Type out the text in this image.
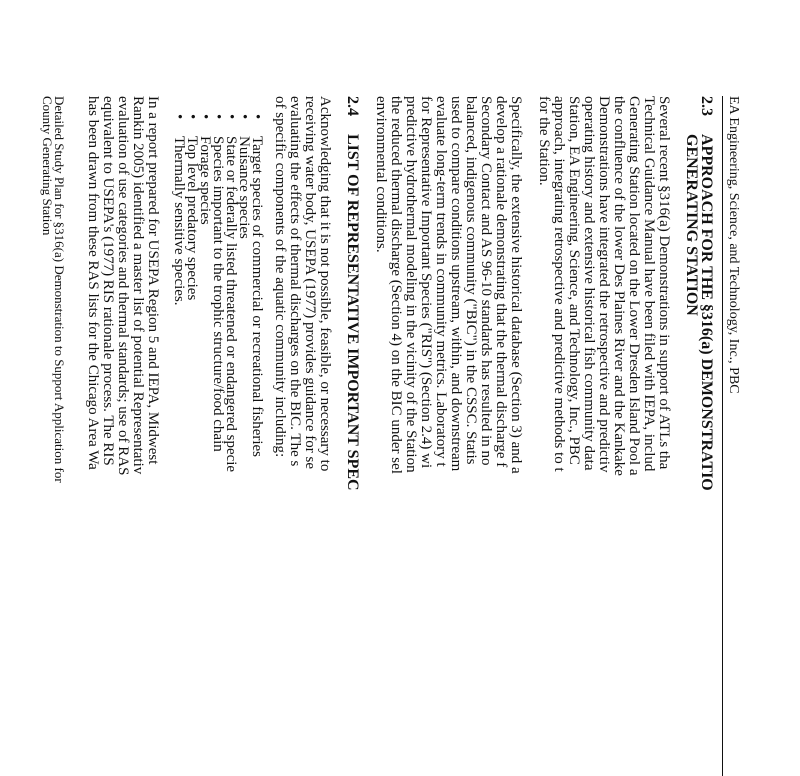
EA Engineering, Science, and Technology, Inc., PBC
2.3APPROACH FOR THE §316(a) DEMONSTRATIO
GENERATING STATION
Several recent §316(a) Demonstrations in support of ATLs tha
Technical Guidance Manual have been filed with IEPA, includ
Generating Station located on the Lower Dresden Island Pool a
the confluence of the lower Des Plaines River and the Kankake
Demonstrations have integrated the retrospective and predictiv
operating history and extensive historical fish community data
Station, EA Engineering, Science, and Technology, Inc., PBC
approach, integrating retrospective and predictive methods to t
for the Station.
Specifically, the extensive historical database (Section 3) and a
develop a rationale demonstrating that the thermal discharge f
Secondary Contact and AS 96-10 standards has resulted in no
balanced, indigenous community ("BIC") in the CSSC. Statis
used to compare conditions upstream, within, and downstream
evaluate long-term trends in community metrics. Laboratory t
for Representative Important Species ("RIS") (Section 2.4) wi
predictive hydrothermal modeling in the vicinity of the Station
the reduced thermal discharge (Section 4) on the BIC under sel
environmental conditions.
2.4LIST OF REPRESENTATIVE IMPORTANT SPEC
Acknowledging that it is not possible, feasible, or necessary to
receiving water body, USEPA (1977) provides guidance for se
evaluating the effects of thermal discharges on the BIC. The s
of specific components of the aquatic community including:
•Target species of commercial or recreational fisheries
•Nuisance species
•State or federally listed threatened or endangered specie
•Species important to the trophic structure/food chain
•Forage species
•Top level predatory species
•Thermally sensitive species.
In a report prepared for USEPA Region 5 and IEPA, Midwest
Rankin 2005) identified a master list of potential Representativ
evaluation of use categories and thermal standards; use of RAS
equivalent to USEPA's (1977) RIS rationale process. The RIS
has been drawn from these RAS lists for the Chicago Area Wa
Detailed Study Plan for §316(a) Demonstration to Support Application for
County Generating Station
